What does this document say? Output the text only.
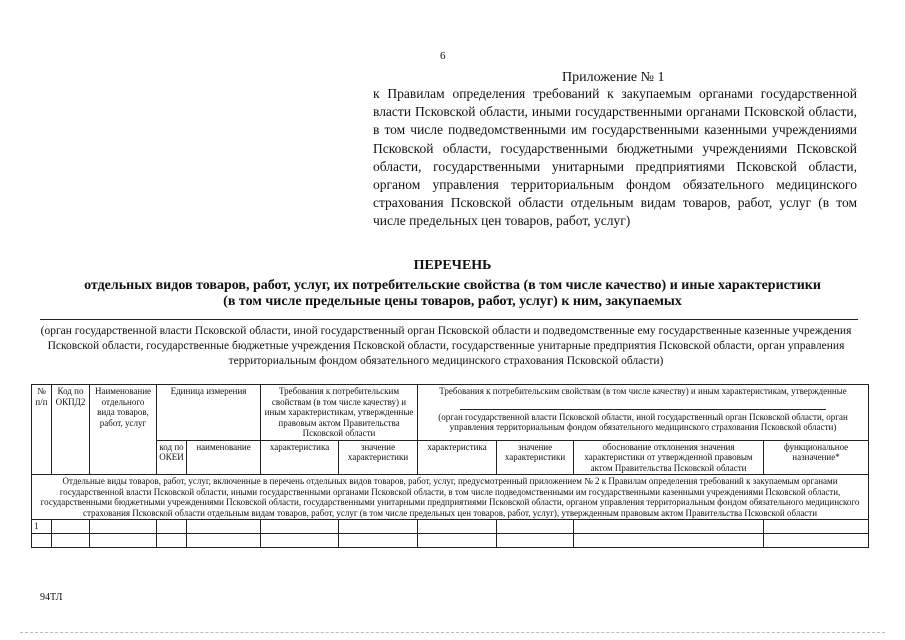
6
Приложение № 1
к Правилам определения требований к закупаемым органами государственной власти Псковской области, иными государственными органами Псковской области, в том числе подведомственными им государственными казенными учреждениями Псковской области, государственными бюджетными учреждениями Псковской области, государственными унитарными предприятиями Псковской области, органом управления территориальным фондом обязательного медицинского страхования Псковской области отдельным видам товаров, работ, услуг (в том числе предельных цен товаров, работ, услуг)
ПЕРЕЧЕНЬ
отдельных видов товаров, работ, услуг, их потребительские свойства (в том числе качество) и иные характеристики
(в том числе предельные цены товаров, работ, услуг) к ним, закупаемых
(орган государственной власти Псковской области, иной государственный орган Псковской области и подведомственные ему государственные казенные учреждения Псковской области, государственные бюджетные учреждения Псковской области, государственные унитарные предприятия Псковской области, орган управления территориальным фондом обязательного медицинского страхования Псковской области)
№ п/п	Код по ОКПД2	Наименование отдельного вида товаров, работ, услуг	Единица измерения		Требования к потребительским свойствам (в том числе качеству) и иным характеристикам, утвержденные правовым актом Правительства Псковской области		Требования к потребительским свойствам (в том числе качеству) и иным характеристикам, утвержденные
(орган государственной власти Псковской области, иной государственный орган Псковской области, орган управления территориальным фондом обязательного медицинского страхования Псковской области)			

			код по ОКЕИ	наименование	характеристика	значение характеристики	характеристика	значение характеристики	обоснование отклонения значения характеристики от утвержденной правовым актом Правительства Псковской области	функциональное назначение*
Отдельные виды товаров, работ, услуг, включенные в перечень отдельных видов товаров, работ, услуг, предусмотренный приложением № 2 к Правилам определения требований к закупаемым органами государственной власти Псковской области, иными государственными органами Псковской области, в том числе подведомственными им государственными казенными учреждениями Псковской области, государственными бюджетными учреждениями Псковской области, государственными унитарными предприятиями Псковской области, органом управления территориальным фондом обязательного медицинского страхования Псковской области отдельным видам товаров, работ, услуг (в том числе предельных цен товаров, работ, услуг), утвержденным правовым актом Правительства Псковской области										
1										

94ТЛ
